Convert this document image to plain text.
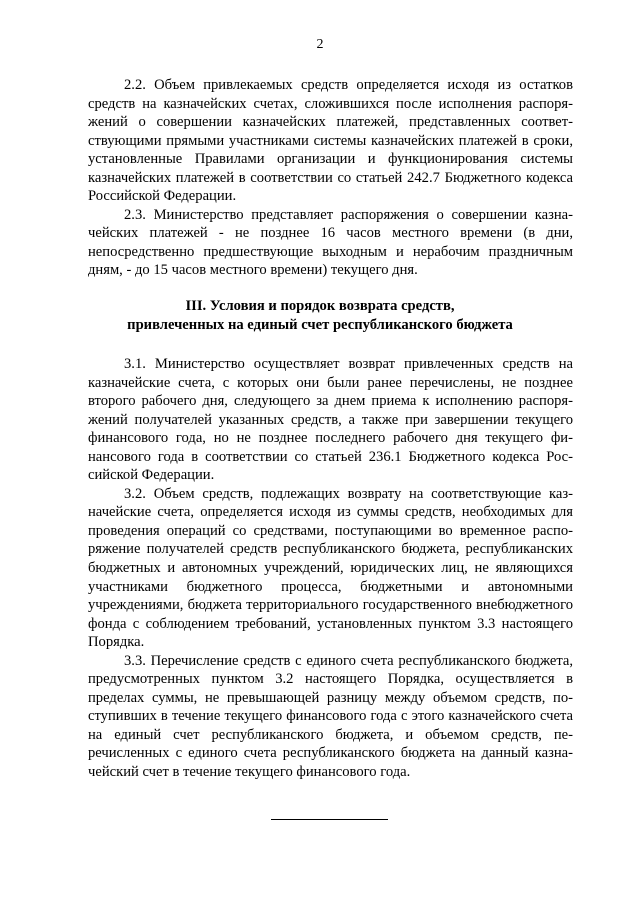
2

2.2. Объем привлекаемых средств определяется исходя из остатков средств на казначейских счетах, сложившихся после исполнения распоряжений о совершении казначейских платежей, представленных соответствующими прямыми участниками системы казначейских платежей в сроки, установленные Правилами организации и функционирования системы казначейских платежей в соответствии со статьей 242.7 Бюджетного кодекса Российской Федерации.

2.3. Министерство представляет распоряжения о совершении казначейских платежей - не позднее 16 часов местного времени (в дни, непосредственно предшествующие выходным и нерабочим праздничным дням, - до 15 часов местного времени) текущего дня.

III. Условия и порядок возврата средств,
привлеченных на единый счет республиканского бюджета

3.1. Министерство осуществляет возврат привлеченных средств на казначейские счета, с которых они были ранее перечислены, не позднее второго рабочего дня, следующего за днем приема к исполнению распоряжений получателей указанных средств, а также при завершении текущего финансового года, но не позднее последнего рабочего дня текущего финансового года в соответствии со статьей 236.1 Бюджетного кодекса Российской Федерации.

3.2. Объем средств, подлежащих возврату на соответствующие казначейские счета, определяется исходя из суммы средств, необходимых для проведения операций со средствами, поступающими во временное распоряжение получателей средств республиканского бюджета, республиканских бюджетных и автономных учреждений, юридических лиц, не являющихся участниками бюджетного процесса, бюджетными и автономными учреждениями, бюджета территориального государственного внебюджетного фонда с соблюдением требований, установленных пунктом 3.3 настоящего Порядка.

3.3. Перечисление средств с единого счета республиканского бюджета, предусмотренных пунктом 3.2 настоящего Порядка, осуществляется в пределах суммы, не превышающей разницу между объемом средств, поступивших в течение текущего финансового года с этого казначейского счета на единый счет республиканского бюджета, и объемом средств, перечисленных с единого счета республиканского бюджета на данный казначейский счет в течение текущего финансового года.
